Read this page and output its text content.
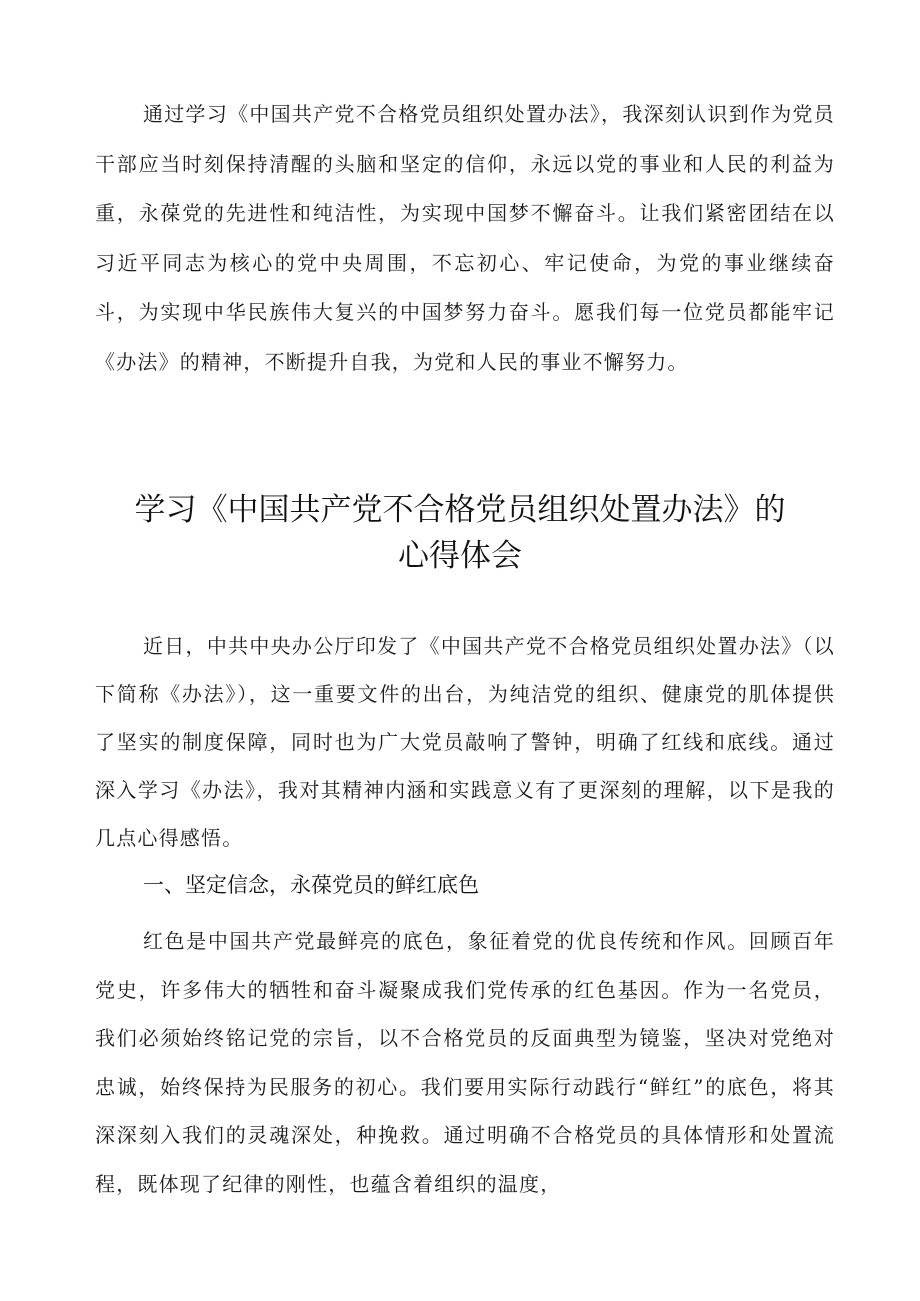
通过学习《中国共产党不合格党员组织处置办法》，我深刻认识到作为党员干部应当时刻保持清醒的头脑和坚定的信仰，永远以党的事业和人民的利益为重，永葆党的先进性和纯洁性，为实现中国梦不懈奋斗。让我们紧密团结在以习近平同志为核心的党中央周围，不忘初心、牢记使命，为党的事业继续奋斗，为实现中华民族伟大复兴的中国梦努力奋斗。愿我们每一位党员都能牢记《办法》的精神，不断提升自我，为党和人民的事业不懈努力。

学习《中国共产党不合格党员组织处置办法》的
心得体会

近日，中共中央办公厅印发了《中国共产党不合格党员组织处置办法》（以下简称《办法》），这一重要文件的出台，为纯洁党的组织、健康党的肌体提供了坚实的制度保障，同时也为广大党员敲响了警钟，明确了红线和底线。通过深入学习《办法》，我对其精神内涵和实践意义有了更深刻的理解，以下是我的几点心得感悟。

一、坚定信念，永葆党员的鲜红底色

红色是中国共产党最鲜亮的底色，象征着党的优良传统和作风。回顾百年党史，许多伟大的牺牲和奋斗凝聚成我们党传承的红色基因。作为一名党员，我们必须始终铭记党的宗旨，以不合格党员的反面典型为镜鉴，坚决对党绝对忠诚，始终保持为民服务的初心。我们要用实际行动践行“鲜红”的底色，将其深深刻入我们的灵魂深处，种挽救。通过明确不合格党员的具体情形和处置流程，既体现了纪律的刚性，也蕴含着组织的温度，
